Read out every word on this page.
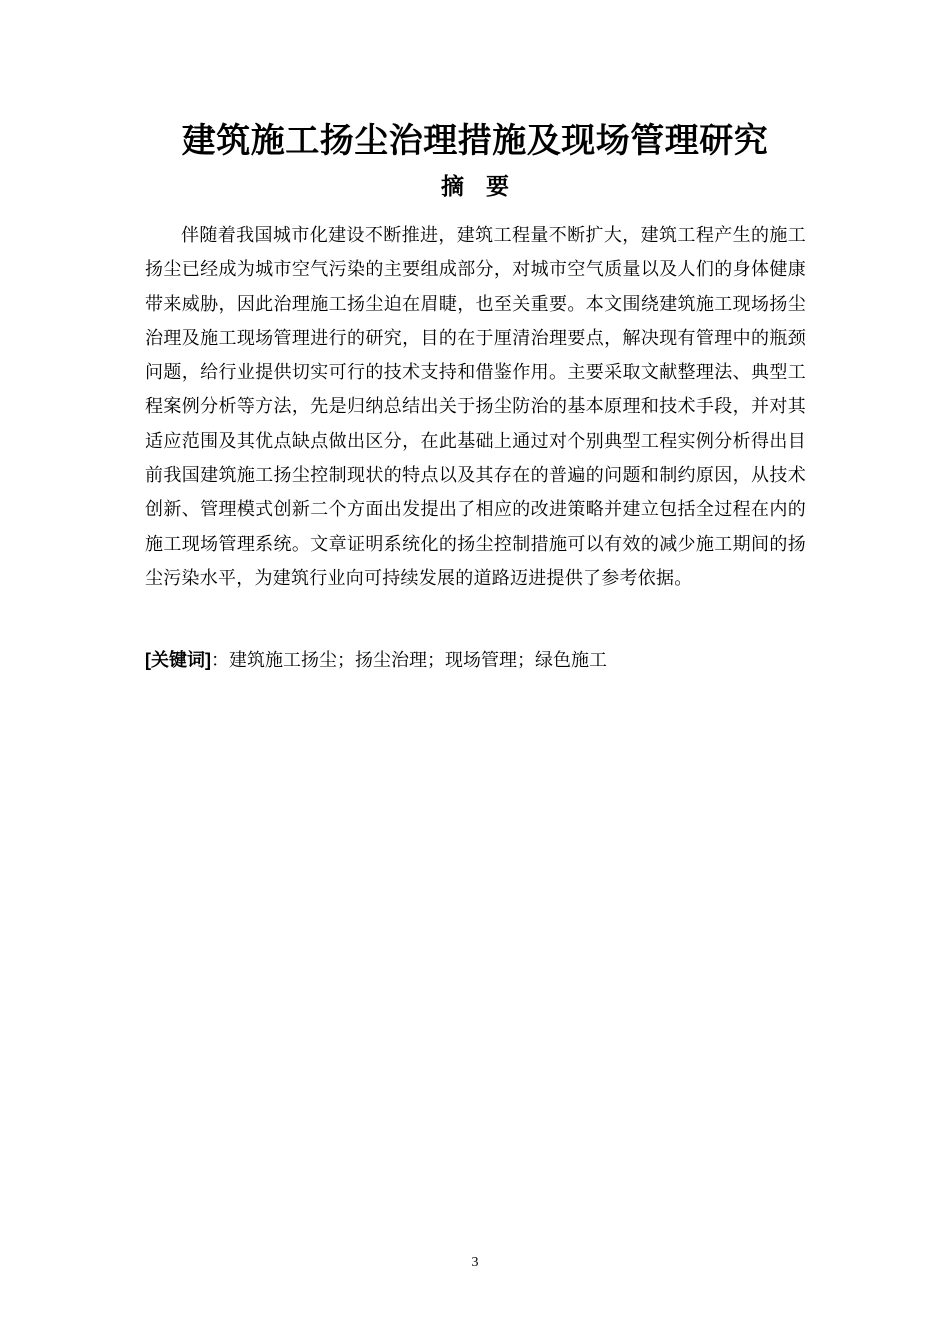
建筑施工扬尘治理措施及现场管理研究
摘要

伴随着我国城市化建设不断推进，建筑工程量不断扩大，建筑工程产生的施工扬尘已经成为城市空气污染的主要组成部分，对城市空气质量以及人们的身体健康带来威胁，因此治理施工扬尘迫在眉睫，也至关重要。本文围绕建筑施工现场扬尘治理及施工现场管理进行的研究，目的在于厘清治理要点，解决现有管理中的瓶颈问题，给行业提供切实可行的技术支持和借鉴作用。主要采取文献整理法、典型工程案例分析等方法，先是归纳总结出关于扬尘防治的基本原理和技术手段，并对其适应范围及其优点缺点做出区分，在此基础上通过对个别典型工程实例分析得出目前我国建筑施工扬尘控制现状的特点以及其存在的普遍的问题和制约原因，从技术创新、管理模式创新二个方面出发提出了相应的改进策略并建立包括全过程在内的施工现场管理系统。文章证明系统化的扬尘控制措施可以有效的减少施工期间的扬尘污染水平，为建筑行业向可持续发展的道路迈进提供了参考依据。

[关键词]：建筑施工扬尘；扬尘治理；现场管理；绿色施工

3
